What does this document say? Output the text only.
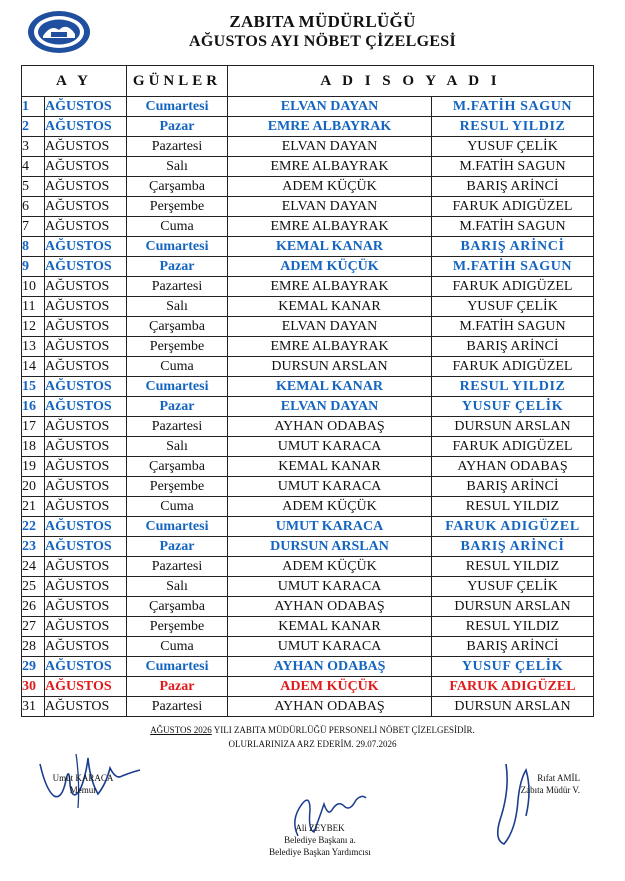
ZABITA MÜDÜRLÜĞÜ
AĞUSTOS AYI NÖBET ÇİZELGESİ
A Y		GÜNLER	A D I S O Y A D I	
1	AĞUSTOS	Cumartesi	ELVAN DAYAN	M.FATİH SAGUN
2	AĞUSTOS	Pazar	EMRE ALBAYRAK	RESUL YILDIZ
3	AĞUSTOS	Pazartesi	ELVAN DAYAN	YUSUF ÇELİK
4	AĞUSTOS	Salı	EMRE ALBAYRAK	M.FATİH SAGUN
5	AĞUSTOS	Çarşamba	ADEM KÜÇÜK	BARIŞ ARİNCİ
6	AĞUSTOS	Perşembe	ELVAN DAYAN	FARUK ADIGÜZEL
7	AĞUSTOS	Cuma	EMRE ALBAYRAK	M.FATİH SAGUN
8	AĞUSTOS	Cumartesi	KEMAL KANAR	BARIŞ ARİNCİ
9	AĞUSTOS	Pazar	ADEM KÜÇÜK	M.FATİH SAGUN
10	AĞUSTOS	Pazartesi	EMRE ALBAYRAK	FARUK ADIGÜZEL
11	AĞUSTOS	Salı	KEMAL KANAR	YUSUF ÇELİK
12	AĞUSTOS	Çarşamba	ELVAN DAYAN	M.FATİH SAGUN
13	AĞUSTOS	Perşembe	EMRE ALBAYRAK	BARIŞ ARİNCİ
14	AĞUSTOS	Cuma	DURSUN ARSLAN	FARUK ADIGÜZEL
15	AĞUSTOS	Cumartesi	KEMAL KANAR	RESUL YILDIZ
16	AĞUSTOS	Pazar	ELVAN DAYAN	YUSUF ÇELİK
17	AĞUSTOS	Pazartesi	AYHAN ODABAŞ	DURSUN ARSLAN
18	AĞUSTOS	Salı	UMUT KARACA	FARUK ADIGÜZEL
19	AĞUSTOS	Çarşamba	KEMAL KANAR	AYHAN ODABAŞ
20	AĞUSTOS	Perşembe	UMUT KARACA	BARIŞ ARİNCİ
21	AĞUSTOS	Cuma	ADEM KÜÇÜK	RESUL YILDIZ
22	AĞUSTOS	Cumartesi	UMUT KARACA	FARUK ADIGÜZEL
23	AĞUSTOS	Pazar	DURSUN ARSLAN	BARIŞ ARİNCİ
24	AĞUSTOS	Pazartesi	ADEM KÜÇÜK	RESUL YILDIZ
25	AĞUSTOS	Salı	UMUT KARACA	YUSUF ÇELİK
26	AĞUSTOS	Çarşamba	AYHAN ODABAŞ	DURSUN ARSLAN
27	AĞUSTOS	Perşembe	KEMAL KANAR	RESUL YILDIZ
28	AĞUSTOS	Cuma	UMUT KARACA	BARIŞ ARİNCİ
29	AĞUSTOS	Cumartesi	AYHAN ODABAŞ	YUSUF ÇELİK
30	AĞUSTOS	Pazar	ADEM KÜÇÜK	FARUK ADIGÜZEL
31	AĞUSTOS	Pazartesi	AYHAN ODABAŞ	DURSUN ARSLAN
AĞUSTOS 2026 YILI ZABITA MÜDÜRLÜĞÜ PERSONELİ NÖBET ÇİZELGESİDİR.
OLURLARINIZA ARZ EDERİM. 29.07.2026
Umut KARACA
Memur
Rıfat AMİL
Zabıta Müdür V.
Ali ZEYBEK
Belediye Başkanı a.
Belediye Başkan Yardımcısı
